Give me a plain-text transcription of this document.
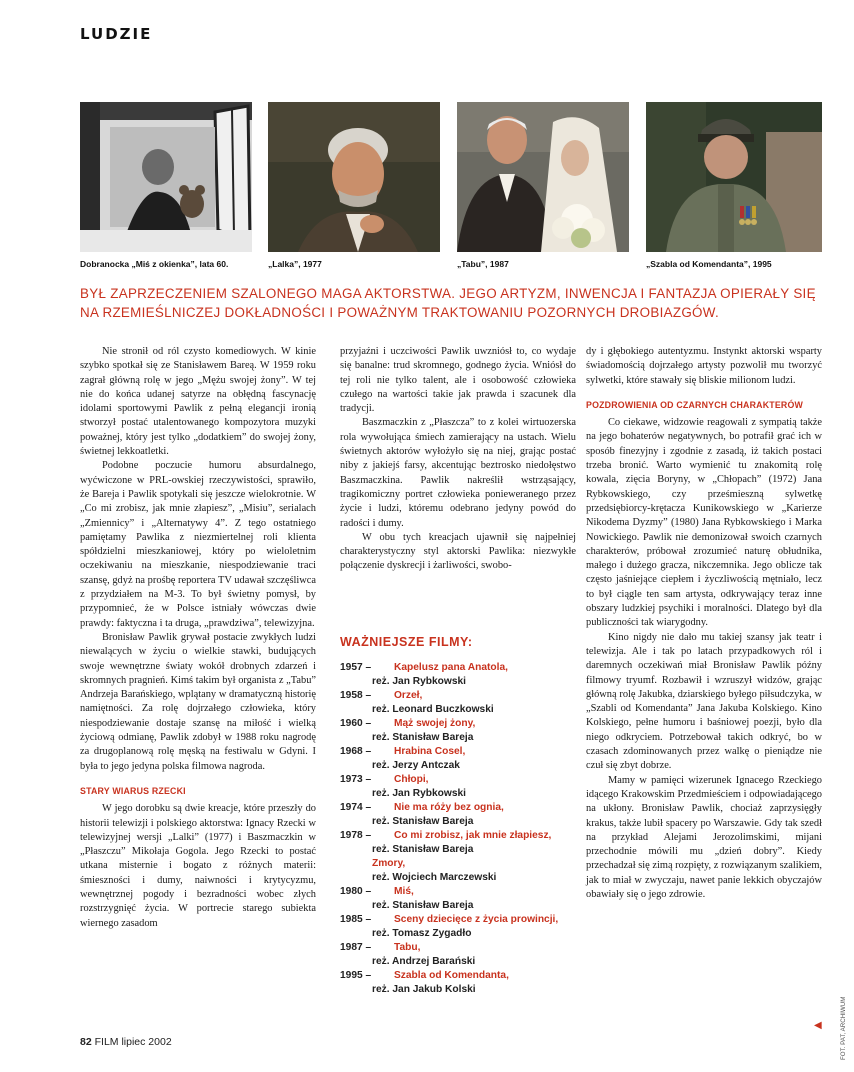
LUDZIE
Dobranocka „Miś z okienka”, lata 60.	„Lalka”, 1977	„Tabu”, 1987	„Szabla od Komendanta”, 1995
BYŁ ZAPRZECZENIEM SZALONEGO MAGA AKTORSTWA. JEGO ARTYZM, INWENCJA I FANTAZJA OPIERAŁY SIĘ NA RZEMIEŚLNICZEJ DOKŁADNOŚCI I POWAŻNYM TRAKTOWANIU POZORNYCH DROBIAZGÓW.

Nie stronił od ról czysto komediowych. W kinie szybko spotkał się ze Stanisławem Bareą. W 1959 roku zagrał główną rolę w jego „Mężu swojej żony”. W tej nie do końca udanej satyrze na obłędną fascynację idolami sportowymi Pawlik z pełną elegancji ironią stworzył postać utalentowanego kompozytora muzyki poważnej, który jest tylko „dodatkiem” do swojej żony, świetnej lekkoatletki.

Podobne poczucie humoru absurdalnego, wyćwiczone w PRL-owskiej rzeczywistości, sprawiło, że Bareja i Pawlik spotykali się jeszcze wielokrotnie. W „Co mi zrobisz, jak mnie złapiesz”, „Misiu”, serialach „Zmiennicy” i „Alternatywy 4”. Z tego ostatniego pamiętamy Pawlika z niezmiertelnej roli klienta spółdzielni mieszkaniowej, który po wieloletnim oczekiwaniu na mieszkanie, niespodziewanie traci szansę, gdyż na prośbę reportera TV udawał szczęśliwca z przydziałem na M-3. To był świetny pomysł, by przypomnieć, że w Polsce istniały wówczas dwie prawdy: faktyczna i ta druga, „prawdziwa”, telewizyjna.

Bronisław Pawlik grywał postacie zwykłych ludzi niewalących w życiu o wielkie stawki, budujących swoje wewnętrzne światy wokół drobnych zdarzeń i skromnych pragnień. Kimś takim był organista z „Tabu” Andrzeja Barańskiego, wplątany w dramatyczną historię namiętności. Za rolę dojrzałego człowieka, który niespodziewanie dostaje szansę na miłość i wielką życiową odmianę, Pawlik zdobył w 1988 roku nagrodę za drugoplanową rolę męską na festiwalu w Gdyni. I była to jego jedyna polska filmowa nagroda.

STARY WIARUS RZECKI

W jego dorobku są dwie kreacje, które przeszły do historii telewizji i polskiego aktorstwa: Ignacy Rzecki w telewizyjnej wersji „Lalki” (1977) i Baszmaczkin w „Płaszczu” Mikołaja Gogola. Jego Rzecki to postać utkana misternie i bogato z różnych materii: śmieszności i dumy, naiwności i krytycyzmu, wewnętrznej pogody i bezradności wobec złych rozstrzygnięć życia. W portrecie starego subiekta wiernego zasadom

przyjaźni i uczciwości Pawlik uwzniósł to, co wydaje się banalne: trud skromnego, godnego życia. Wniósł do tej roli nie tylko talent, ale i osobowość człowieka czułego na wartości takie jak prawda i szacunek dla tradycji.

Baszmaczkin z „Płaszcza” to z kolei wirtuozerska rola wywołująca śmiech zamierający na ustach. Wielu świetnych aktorów wyłożyło się na niej, grając postać niby z jakiejś farsy, akcentując beztrosko niedołęstwo Baszmaczkina. Pawlik nakreślił wstrząsający, tragikomiczny portret człowieka ponieweranego przez życie i ludzi, któremu odebrano jedyny powód do radości i dumy.

W obu tych kreacjach ujawnił się najpełniej charakterystyczny styl aktorski Pawlika: niezwykłe połączenie dyskrecji i żarliwości, swobo-

WAŻNIEJSZE FILMY:
1957 –	Kapelusz pana Anatola,
reż. Jan Rybkowski
1958 –	Orzeł,
reż. Leonard Buczkowski
1960 –	Mąż swojej żony,
reż. Stanisław Bareja
1968 –	Hrabina Cosel,
reż. Jerzy Antczak
1973 –	Chłopi,
reż. Jan Rybkowski
1974 –	Nie ma róży bez ognia,
reż. Stanisław Bareja
1978 –	Co mi zrobisz, jak mnie złapiesz,
reż. Stanisław Bareja
Zmory,
reż. Wojciech Marczewski
1980 –	Miś,
reż. Stanisław Bareja
1985 –	Sceny dziecięce z życia prowincji,
reż. Tomasz Zygadło
1987 –	Tabu,
reż. Andrzej Barański
1995 –	Szabla od Komendanta,
reż. Jan Jakub Kolski

dy i głębokiego autentyzmu. Instynkt aktorski wsparty świadomością dojrzałego artysty pozwolił mu tworzyć sylwetki, które stawały się bliskie milionom ludzi.

POZDROWIENIA OD CZARNYCH CHARAKTERÓW

Co ciekawe, widzowie reagowali z sympatią także na jego bohaterów negatywnych, bo potrafił grać ich w sposób finezyjny i zgodnie z zasadą, iż takich postaci trzeba bronić. Warto wymienić tu znakomitą rolę kowala, zięcia Boryny, w „Chłopach” (1972) Jana Rybkowskiego, czy prześmieszną sylwetkę przedsiębiorcy-krętacza Kunikowskiego w „Karierze Nikodema Dyzmy” (1980) Jana Rybkowskiego i Marka Nowickiego. Pawlik nie demonizował swoich czarnych charakterów, próbował zrozumieć naturę obłudnika, małego i dużego gracza, nikczemnika. Jego oblicze tak często jaśniejące ciepłem i życzliwością mętniało, lecz to był ciągle ten sam artysta, odkrywający teraz inne obszary ludzkiej psychiki i moralności. Dlatego był dla publiczności tak wiarygodny.

Kino nigdy nie dało mu takiej szansy jak teatr i telewizja. Ale i tak po latach przypadkowych ról i daremnych oczekiwań miał Bronisław Pawlik późny filmowy tryumf. Rozbawił i wzruszył widzów, grając główną rolę Jakubka, dziarskiego byłego piłsudczyka, w „Szabli od Komendanta” Jana Jakuba Kolskiego. Kino Kolskiego, pełne humoru i baśniowej poezji, było dla niego odkryciem. Potrzebował takich odkryć, bo w czasach zdominowanych przez walkę o pieniądze nie czuł się zbyt dobrze.

Mamy w pamięci wizerunek Ignacego Rzeckiego idącego Krakowskim Przedmieściem i odpowiadającego na ukłony. Bronisław Pawlik, chociaż zaprzysięgły krakus, także lubił spacery po Warszawie. Gdy tak szedł na przykład Alejami Jerozolimskimi, mijani przechodnie mówili mu „dzień dobry”. Kiedy przechadzał się zimą rozpięty, z rozwiązanym szalikiem, jak to miał w zwyczaju, nawet panie lekkich obyczajów obawiały się o jego zdrowie.

◀
82 FILM lipiec 2002	FOT. PAT, ARCHIWUM
